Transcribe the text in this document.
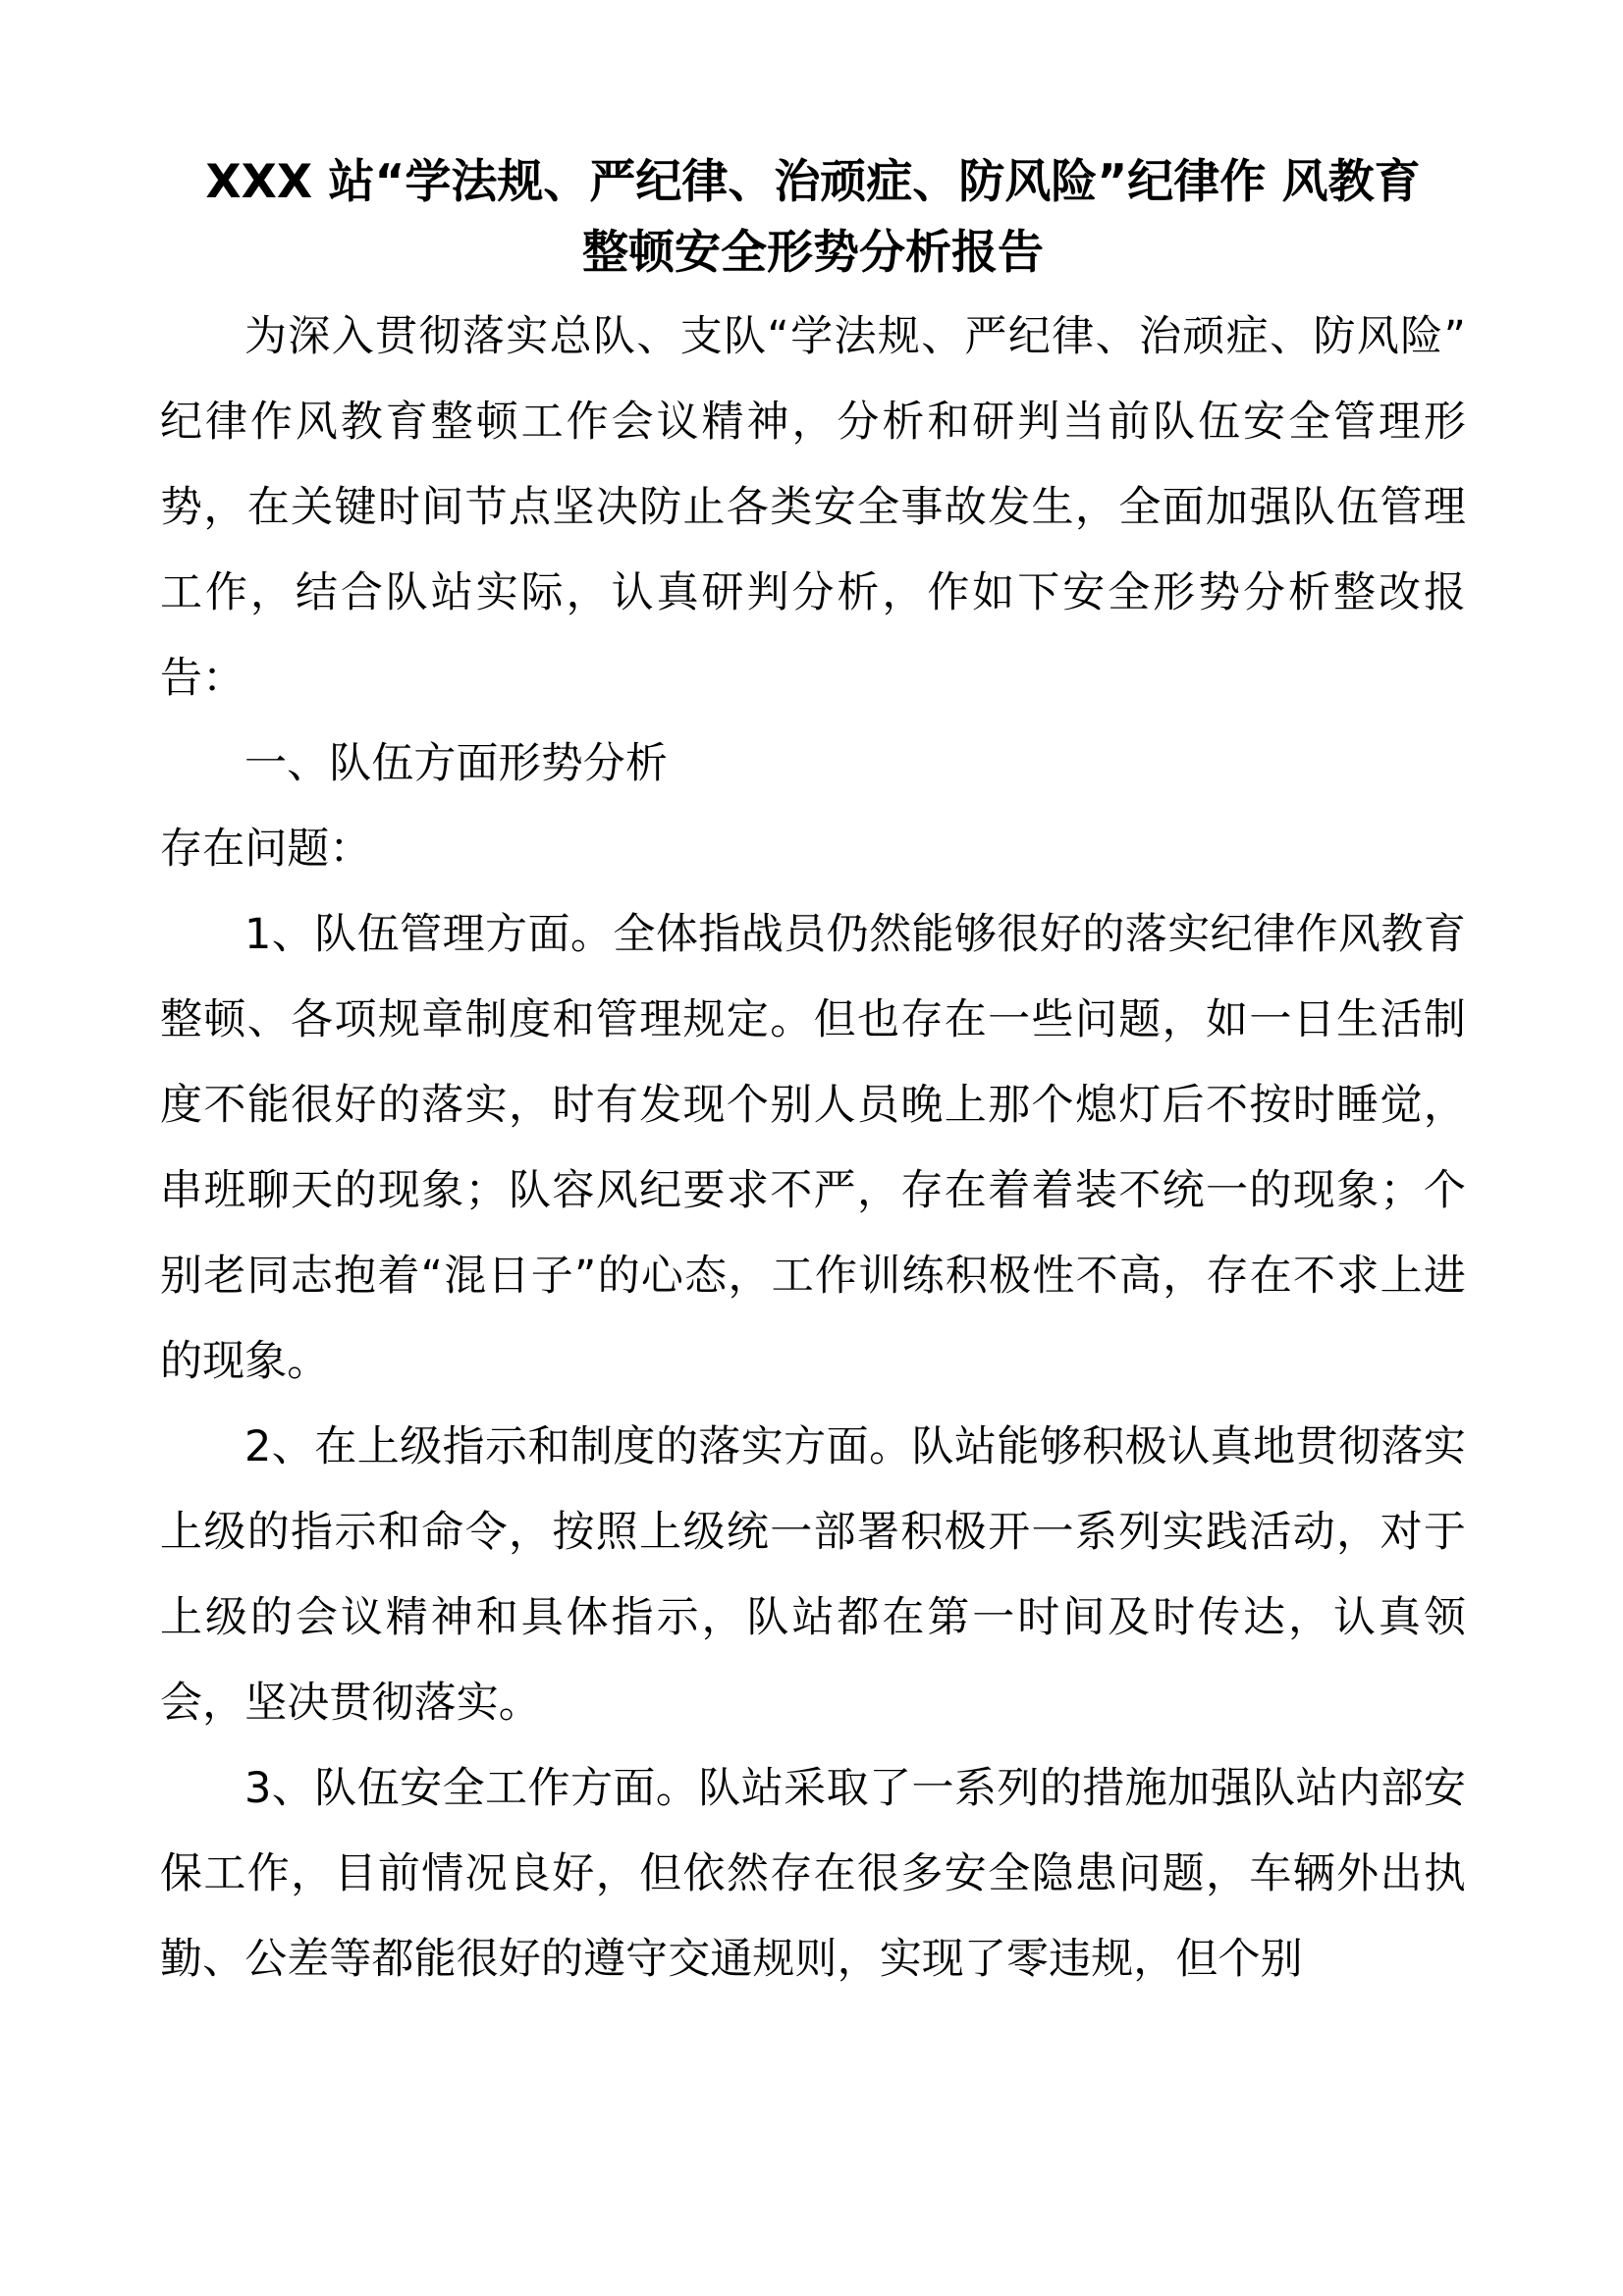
XXX 站“学法规、严纪律、治顽症、防风险”纪律作 风教育整顿安全形势分析报告

为深入贯彻落实总队、支队“学法规、严纪律、治顽症、防风险”纪律作风教育整顿工作会议精神，分析和研判当前队伍安全管理形势，在关键时间节点坚决防止各类安全事故发生，全面加强队伍管理工作，结合队站实际，认真研判分析，作如下安全形势分析整改报告：

一、队伍方面形势分析

存在问题：

1、队伍管理方面。全体指战员仍然能够很好的落实纪律作风教育整顿、各项规章制度和管理规定。但也存在一些问题，如一日生活制度不能很好的落实，时有发现个别人员晚上那个熄灯后不按时睡觉，串班聊天的现象；队容风纪要求不严，存在着着装不统一的现象；个别老同志抱着“混日子”的心态，工作训练积极性不高，存在不求上进的现象。

2、在上级指示和制度的落实方面。队站能够积极认真地贯彻落实上级的指示和命令，按照上级统一部署积极开一系列实践活动，对于上级的会议精神和具体指示，队站都在第一时间及时传达，认真领会，坚决贯彻落实。

3、队伍安全工作方面。队站采取了一系列的措施加强队站内部安保工作，目前情况良好，但依然存在很多安全隐患问题，车辆外出执勤、公差等都能很好的遵守交通规则，实现了零违规，但个别
